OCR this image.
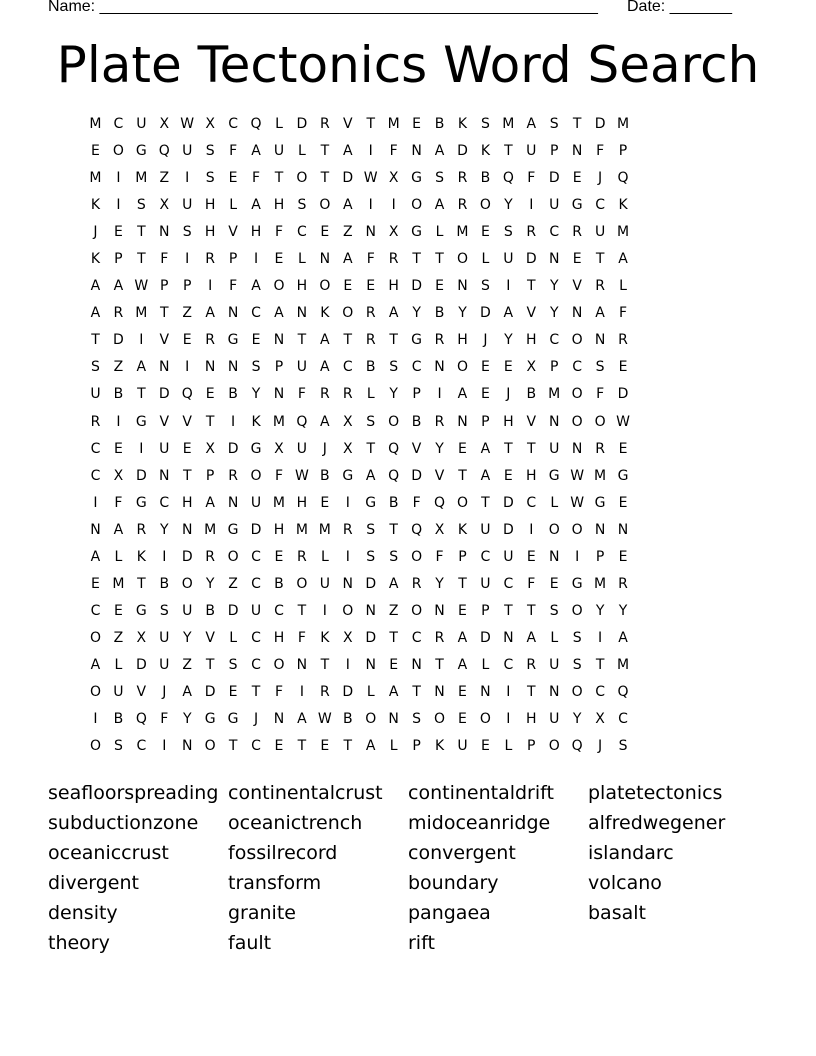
Name: ________________________________________________________ Date: _______
Plate Tectonics Word Search
M C U X W X C Q L D R V T M E B K S M A S	T D M
E O G Q U S	F	A U L	T A	I	F N A D K	T U P N F	P
M	I	M Z	I	S	E	F	T O T D W X G S R B Q F D E	J	Q
K	I	S X U H L	A H S O A	I	I	O A R O Y	I	U G C K
J	E	T N S H V H F	C E Z N X G L M E	S R C R U M
K	P	T	F	I	R P	I	E	L N A	F	R T	T O L U D N E	T A
A A W P	P	I	F	A O H O E	E H D E N S	I	T	Y V R	L
A R M T Z A N C A N K O R A Y B Y D A V Y N A	F
T D	I	V E R G E N T A T R T G R H	J	Y H C O N R
S Z A N	I	N N S	P U A C B S C N O E	E X P C S	E
U B T D Q E B Y N F	R R	L	Y	P	I	A E	J	B M O F D
R	I	G V V T	I	K M Q A X S O B R N P H V N O O W
C E	I	U E X D G X U	J	X T Q V Y	E A T	T U N R E
C X D N T	P R O F W B G A Q D V T A E H G W M G
I	F G C H A N U M H E	I	G B	F Q O T D C	L W G E
N A R Y N M G D H M M R S	T Q X K U D	I	O O N N
A	L	K	I	D R O C E R	L	I	S	S O F	P C U E N	I	P	E
E M T B O Y Z C B O U N D A R Y	T U C	F	E G M R
C E G S U B D U C T	I	O N Z O N E	P	T	T	S O Y	Y
O Z X U Y V	L	C H F	K X D T C R A D N A	L	S	I	A
A	L D U Z T	S C O N T	I	N E N T A	L	C R U S	T M
O U V	J	A D E	T	F	I	R D L	A T N E N	I	T N O C Q
I	B Q F	Y G G	J	N A W B O N S O E O	I	H U Y X C
O S C	I	N O T C E	T	E	T A	L	P	K U E	L	P O Q	J	S
seafloorspreading continentalcrust	continentaldrift	platetectonics
subductionzone	oceanictrench	midoceanridge	alfredwegener
oceaniccrust	fossilrecord	convergent	islandarc
divergent	transform	boundary	volcano
density	granite	pangaea	basalt
theory	fault	rift
